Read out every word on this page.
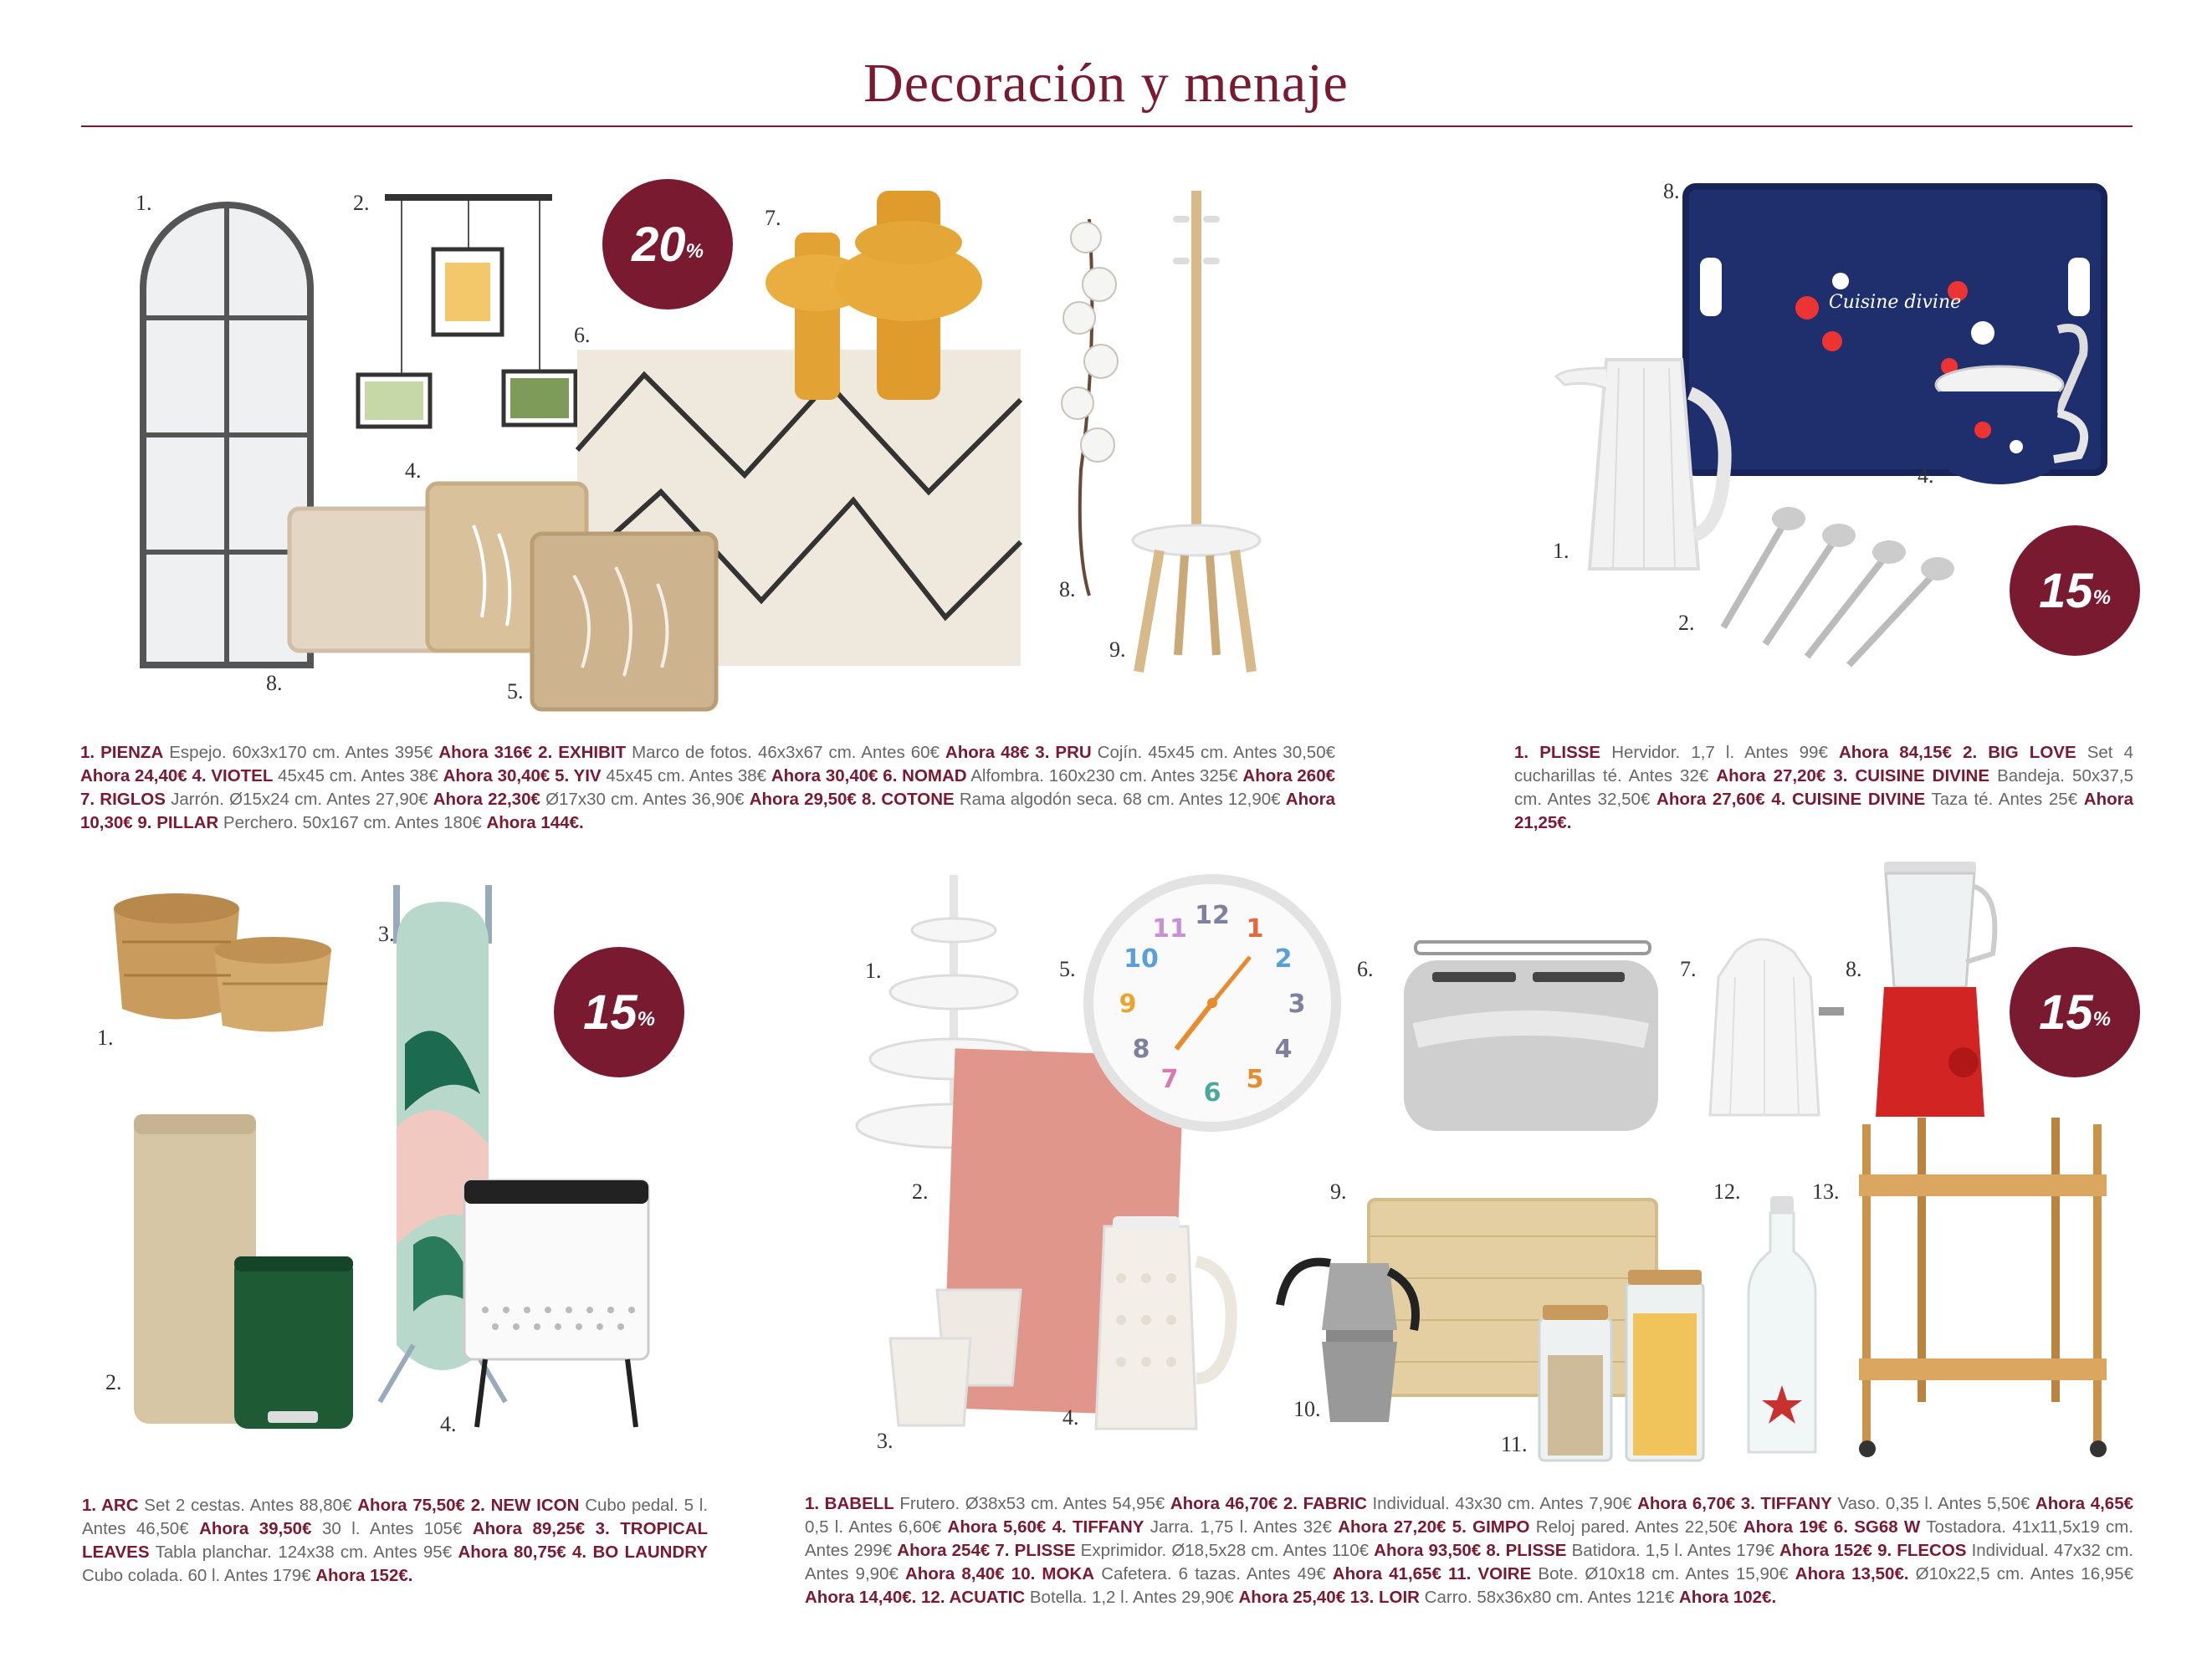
Decoración y menaje
20 %
15 %
15 %	15 %
1.	2.
4.
6.
7.
8.
9.
8.	5.

1. PIENZA Espejo. 60x3x170 cm. Antes 395€ Ahora 316€ 2. EXHIBIT Marco de fotos. 46x3x67 cm. Antes 60€ Ahora 48€ 3. PRU Cojín. 45x45 cm. Antes 30,50€ Ahora 24,40€ 4. VIOTEL 45x45 cm. Antes 38€ Ahora 30,40€ 5. YIV 45x45 cm. Antes 38€ Ahora 30,40€ 6. NOMAD Alfombra. 160x230 cm. Antes 325€ Ahora 260€ 7. RIGLOS Jarrón. Ø15x24 cm. Antes 27,90€ Ahora 22,30€ Ø17x30 cm. Antes 36,90€ Ahora 29,50€ 8. COTONE Rama algodón seca. 68 cm. Antes 12,90€ Ahora 10,30€ 9. PILLAR Perchero. 50x167 cm. Antes 180€ Ahora 144€.

Cuisine divine
8.
4.
1.
2.

1. PLISSE Hervidor. 1,7 l. Antes 99€ Ahora 84,15€ 2. BIG LOVE Set 4 cucharillas té. Antes 32€ Ahora 27,20€ 3. CUISINE DIVINE Bandeja. 50x37,5 cm. Antes 32,50€ Ahora 27,60€ 4. CUISINE DIVINE Taza té. Antes 25€ Ahora 21,25€.

1.
3.
2.
4.

1. ARC Set 2 cestas. Antes 88,80€ Ahora 75,50€ 2. NEW ICON Cubo pedal. 5 l. Antes 46,50€ Ahora 39,50€ 30 l. Antes 105€ Ahora 89,25€ 3. TROPICAL LEAVES Tabla planchar. 124x38 cm. Antes 95€ Ahora 80,75€ 4. BO LAUNDRY Cubo colada. 60 l. Antes 179€ Ahora 152€.

12 1
2
3
4
5
6
7
8
9
10
11
1.	5.	6.	7.	8.
2.	9.	12.	13.
10.
11.
3.
4.

1. BABELL Frutero. Ø38x53 cm. Antes 54,95€ Ahora 46,70€ 2. FABRIC Individual. 43x30 cm. Antes 7,90€ Ahora 6,70€ 3. TIFFANY Vaso. 0,35 l. Antes 5,50€ Ahora 4,65€ 0,5 l. Antes 6,60€ Ahora 5,60€ 4. TIFFANY Jarra. 1,75 l. Antes 32€ Ahora 27,20€ 5. GIMPO Reloj pared. Antes 22,50€ Ahora 19€ 6. SG68 W Tostadora. 41x11,5x19 cm. Antes 299€ Ahora 254€ 7. PLISSE Exprimidor. Ø18,5x28 cm. Antes 110€ Ahora 93,50€ 8. PLISSE Batidora. 1,5 l. Antes 179€ Ahora 152€ 9. FLECOS Individual. 47x32 cm. Antes 9,90€ Ahora 8,40€ 10. MOKA Cafetera. 6 tazas. Antes 49€ Ahora 41,65€ 11. VOIRE Bote. Ø10x18 cm. Antes 15,90€ Ahora 13,50€. Ø10x22,5 cm. Antes 16,95€ Ahora 14,40€. 12. ACUATIC Botella. 1,2 l. Antes 29,90€ Ahora 25,40€ 13. LOIR Carro. 58x36x80 cm. Antes 121€ Ahora 102€.
